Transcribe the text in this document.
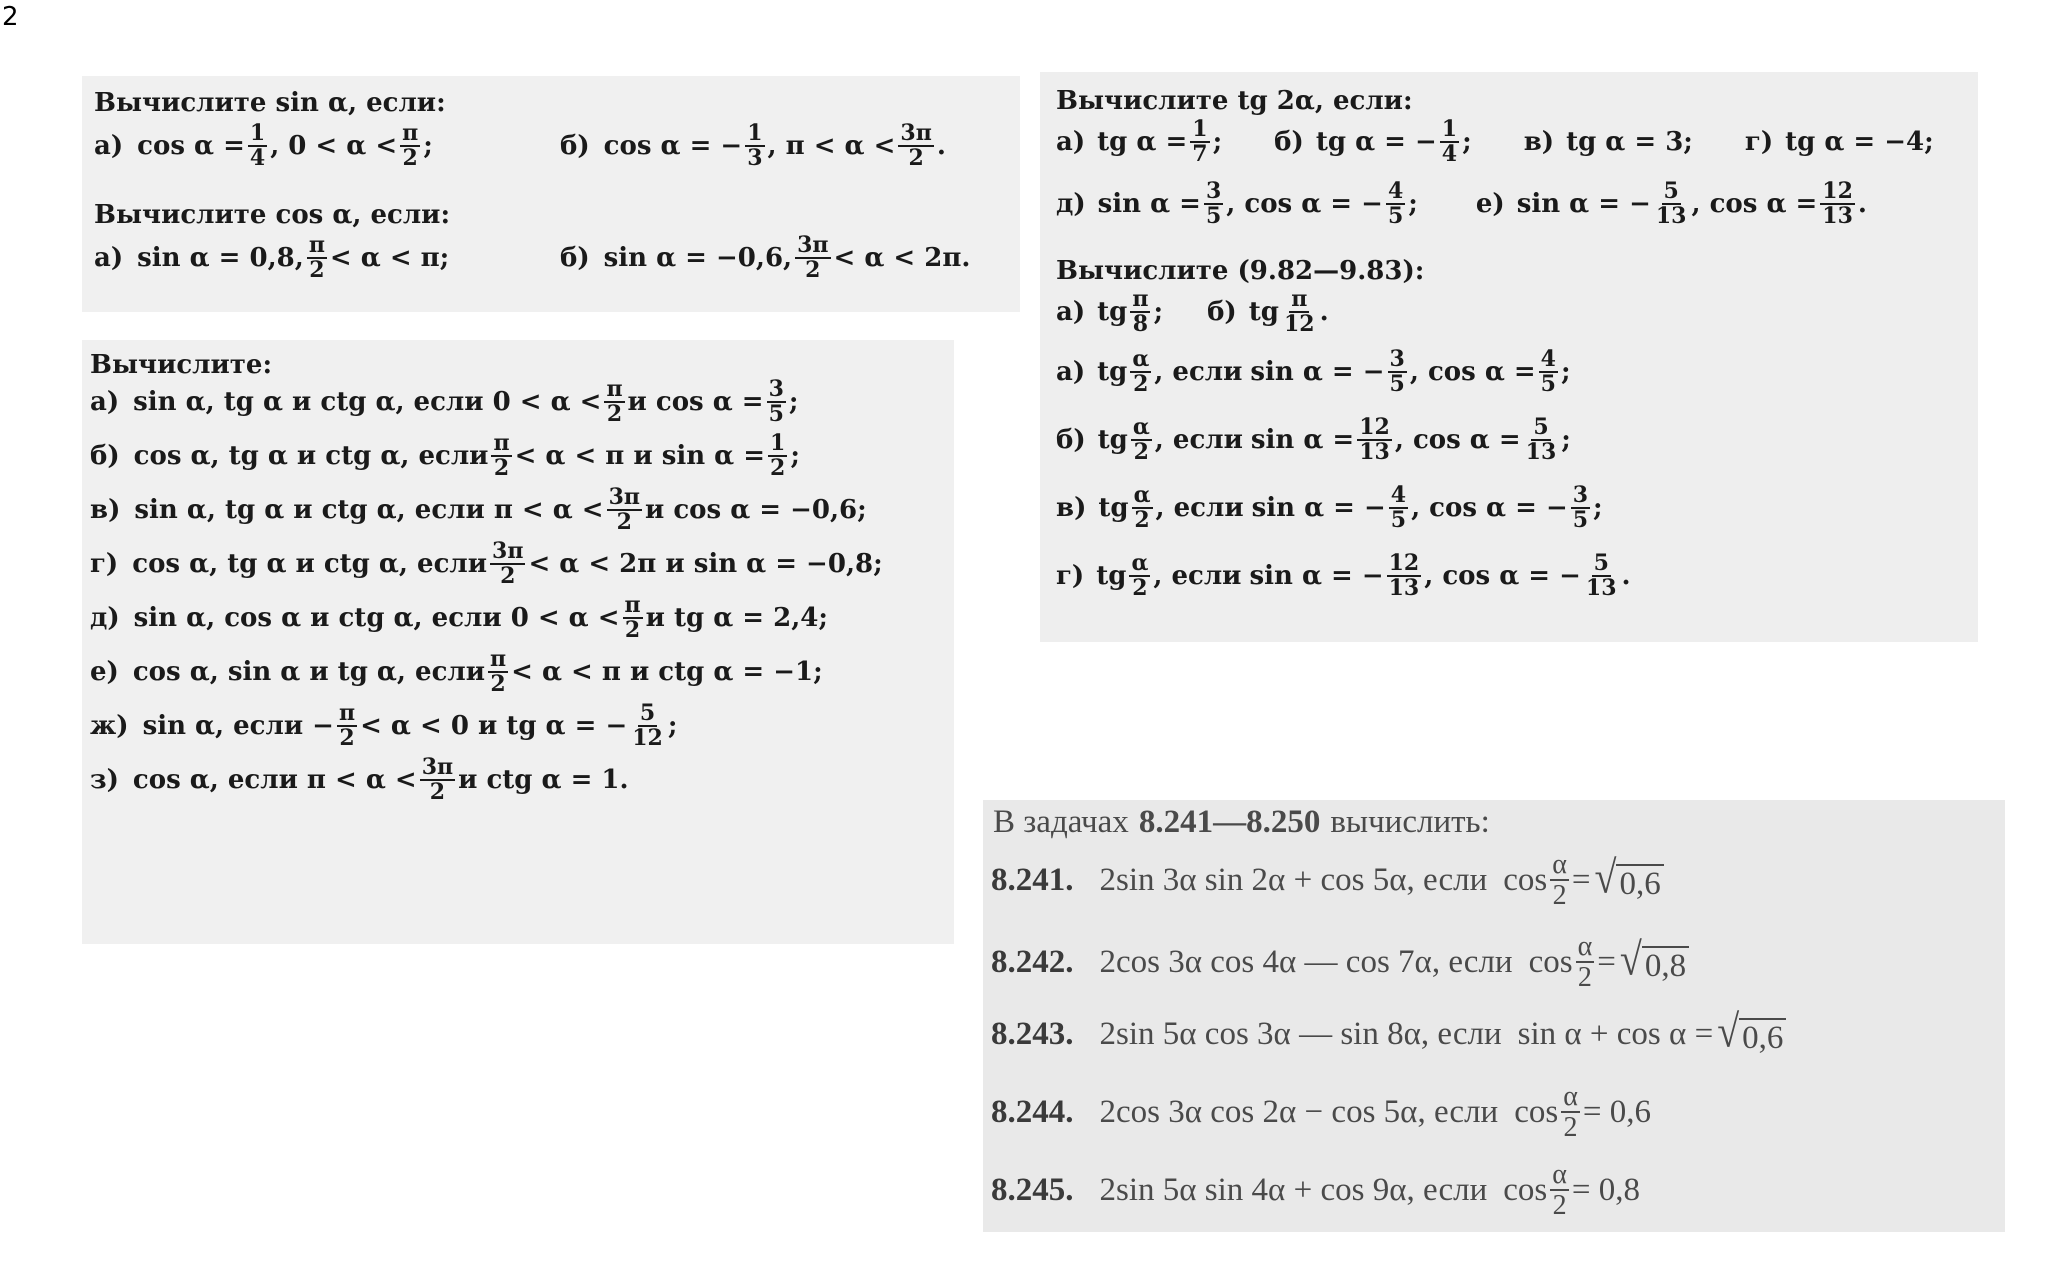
2
Вычислите sin α, если:
а) $\cos \alpha = \frac{1}{4}$ , $0 < \alpha < \frac{\pi}{2}$ ;	б) cos α = − $\frac{1}{3}$ , $\pi < \alpha < \frac{3\pi}{2}$ .
Вычислите cos α, если:
а) sin α = 0,8, $\frac{\pi}{2} < \alpha < \pi$;	б) sin α = −0,6, $\frac{3\pi}{2} < \alpha < 2\pi$.
Вычислите:
а) sin α, tg α и ctg α, если $0 < \alpha < \frac{\pi}{2}$ и $\cos \alpha = \frac{3}{5}$ ;
б) cos α, tg α и ctg α, если $\frac{\pi}{2} < \alpha < \pi$ и $\sin \alpha = \frac{1}{2}$ ;
в) sin α, tg α и ctg α, если $\pi < \alpha < \frac{3\pi}{2}$ и cos α = −0,6;
г) cos α, tg α и ctg α, если $\frac{3\pi}{2} < \alpha < 2\pi$ и sin α = −0,8;
д) sin α, cos α и ctg α, если $0 < \alpha < \frac{\pi}{2}$ и tg α = 2,4;
е) cos α, sin α и tg α, если $\frac{\pi}{2} < \alpha < \pi$ и ctg α = −1;
ж) sin α, если − $\frac{\pi}{2} < \alpha < 0$ и tg α = − $\frac{5}{12}$ ;
з) cos α, если $\pi < \alpha < \frac{3\pi}{2}$ и ctg α = 1.
Вычислите tg 2α, если:
а) tg $\alpha = \frac{1}{7}$ ; б) tg α = − $\frac{1}{4}$ ; в) tg α = 3; г) tg α = −4;
д) $\sin \alpha = \frac{3}{5}$ , cos α = − $\frac{4}{5}$ ; е) sin α = − $\frac{5}{13}$ , $\cos \alpha = \frac{12}{13}$ .
Вычислите (9.82—9.83):
а) tg $\frac{\pi}{8}$ ; б) tg $\frac{\pi}{12}$ .
а) tg $\frac{\alpha}{2}$ , если sin α = − $\frac{3}{5}$ , $\cos \alpha = \frac{4}{5}$ ;
б) tg $\frac{\alpha}{2}$ , если $\sin \alpha = \frac{12}{13}$ , $\cos \alpha = \frac{5}{13}$ ;
в) tg $\frac{\alpha}{2}$ , если sin α = − $\frac{4}{5}$ , cos α = − $\frac{3}{5}$ ;
г) tg $\frac{\alpha}{2}$ , если sin α = − $\frac{12}{13}$ , cos α = − $\frac{5}{13}$ .
В задачах 8.241—8.250 вычислить:
8.241. 2sin 3α sin 2α + cos 5α, если $\cos \frac{\alpha}{2}$ = √ 0,6
8.242. 2cos 3α cos 4α — cos 7α, если $\cos \frac{\alpha}{2}$ = √ 0,8
8.243. 2sin 5α cos 3α — sin 8α, если sin α + cos α = √ 0,6
8.244. 2cos 3α cos 2α − cos 5α, если $\cos \frac{\alpha}{2} = 0,6$
8.245. 2sin 5α sin 4α + cos 9α, если $\cos \frac{\alpha}{2} = 0,8$
